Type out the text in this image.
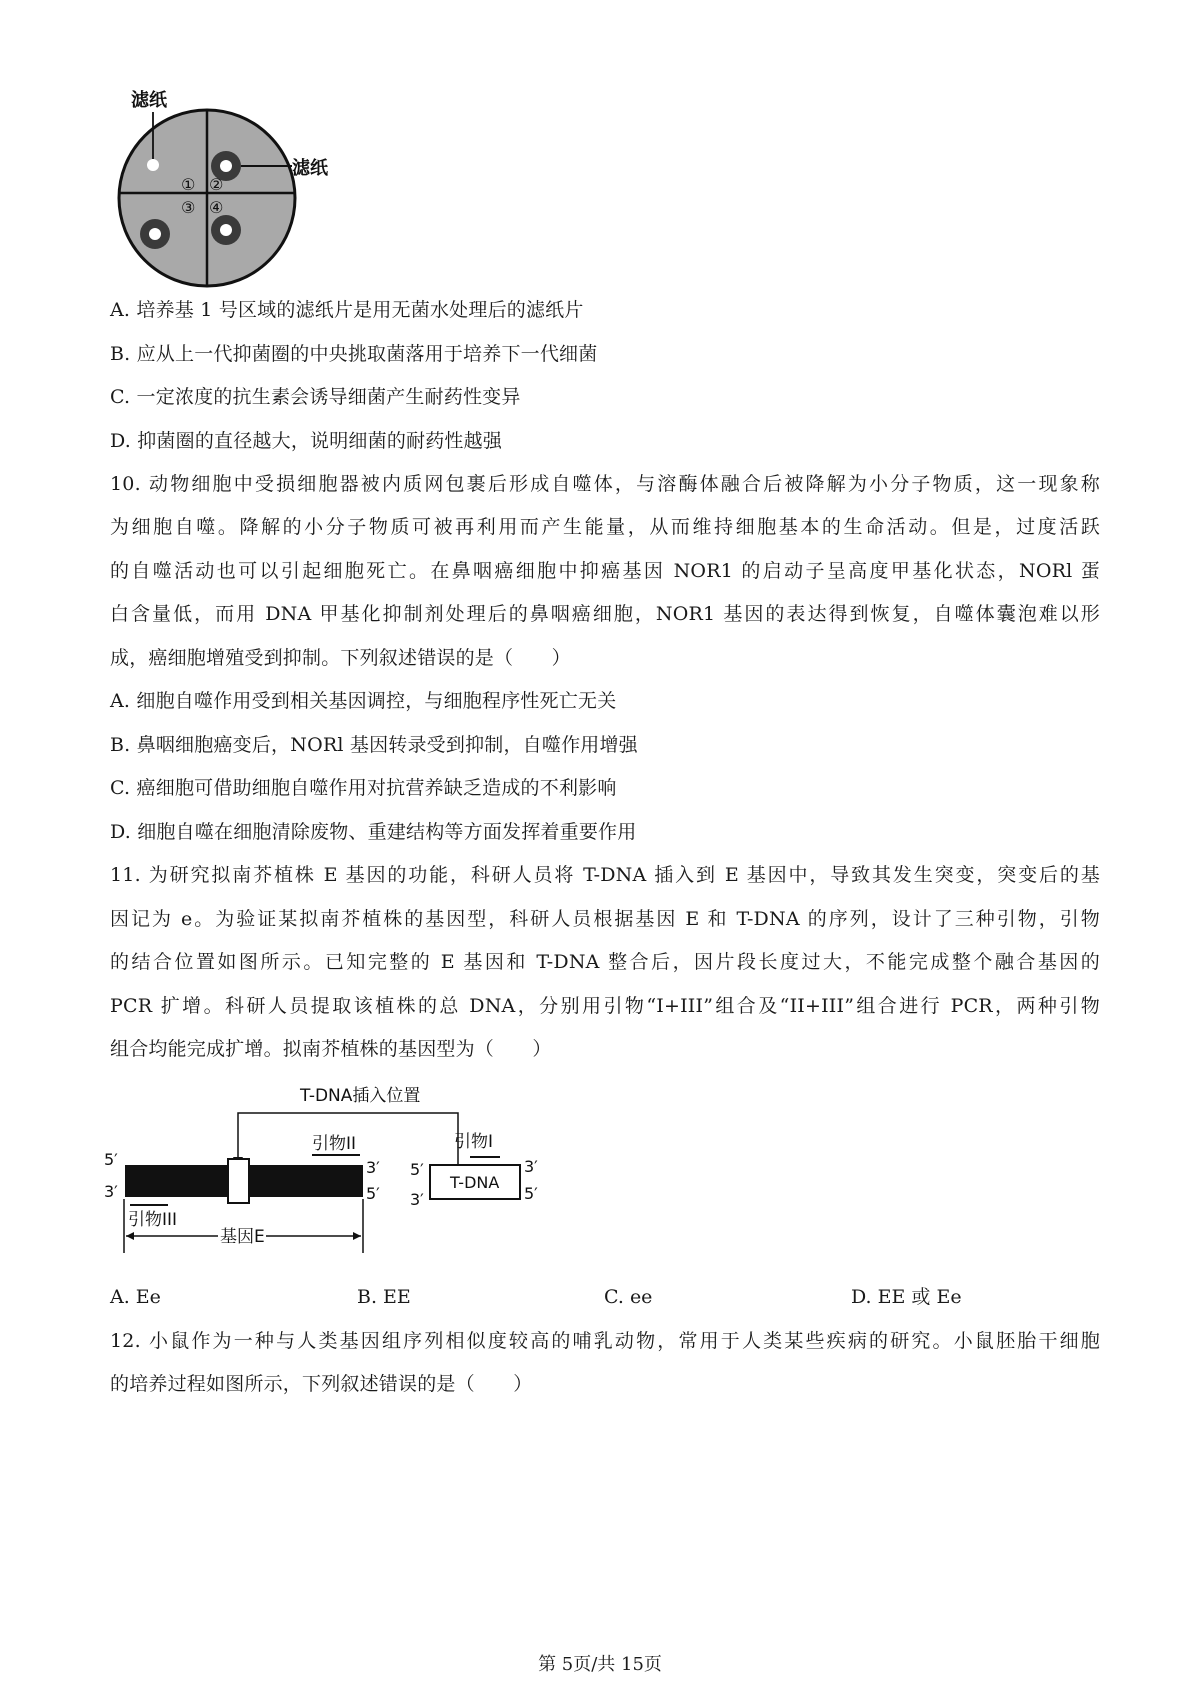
滤纸
滤纸
① ②
③ ④
A. 培养基 1 号区域的滤纸片是用无菌水处理后的滤纸片
B. 应从上一代抑菌圈的中央挑取菌落用于培养下一代细菌
C. 一定浓度的抗生素会诱导细菌产生耐药性变异
D. 抑菌圈的直径越大，说明细菌的耐药性越强
10. 动物细胞中受损细胞器被内质网包裹后形成自噬体，与溶酶体融合后被降解为小分子物质，这一现象称
为细胞自噬。降解的小分子物质可被再利用而产生能量，从而维持细胞基本的生命活动。但是，过度活跃
的自噬活动也可以引起细胞死亡。在鼻咽癌细胞中抑癌基因 NOR1 的启动子呈高度甲基化状态，NORl 蛋
白含量低，而用 DNA 甲基化抑制剂处理后的鼻咽癌细胞，NOR1 基因的表达得到恢复，自噬体囊泡难以形
成，癌细胞增殖受到抑制。下列叙述错误的是（　　）
A. 细胞自噬作用受到相关基因调控，与细胞程序性死亡无关
B. 鼻咽细胞癌变后，NORl 基因转录受到抑制，自噬作用增强
C. 癌细胞可借助细胞自噬作用对抗营养缺乏造成的不利影响
D. 细胞自噬在细胞清除废物、重建结构等方面发挥着重要作用
11. 为研究拟南芥植株 E 基因的功能，科研人员将 T-DNA 插入到 E 基因中，导致其发生突变，突变后的基
因记为 e。为验证某拟南芥植株的基因型，科研人员根据基因 E 和 T-DNA 的序列，设计了三种引物，引物
的结合位置如图所示。已知完整的 E 基因和 T-DNA 整合后，因片段长度过大，不能完成整个融合基因的
PCR 扩增。科研人员提取该植株的总 DNA，分别用引物“I+III”组合及“II+III”组合进行 PCR，两种引物
组合均能完成扩增。拟南芥植株的基因型为（　　）
T-DNA插入位置
5′
3′
3′
5′
引物II
引物III
基因E
引物I
T-DNA
5′
3′
3′
5′
A. Ee	B. EE	C. ee	D. EE 或 Ee
12. 小鼠作为一种与人类基因组序列相似度较高的哺乳动物，常用于人类某些疾病的研究。小鼠胚胎干细胞
的培养过程如图所示，下列叙述错误的是（　　）
第 5页/共 15页
